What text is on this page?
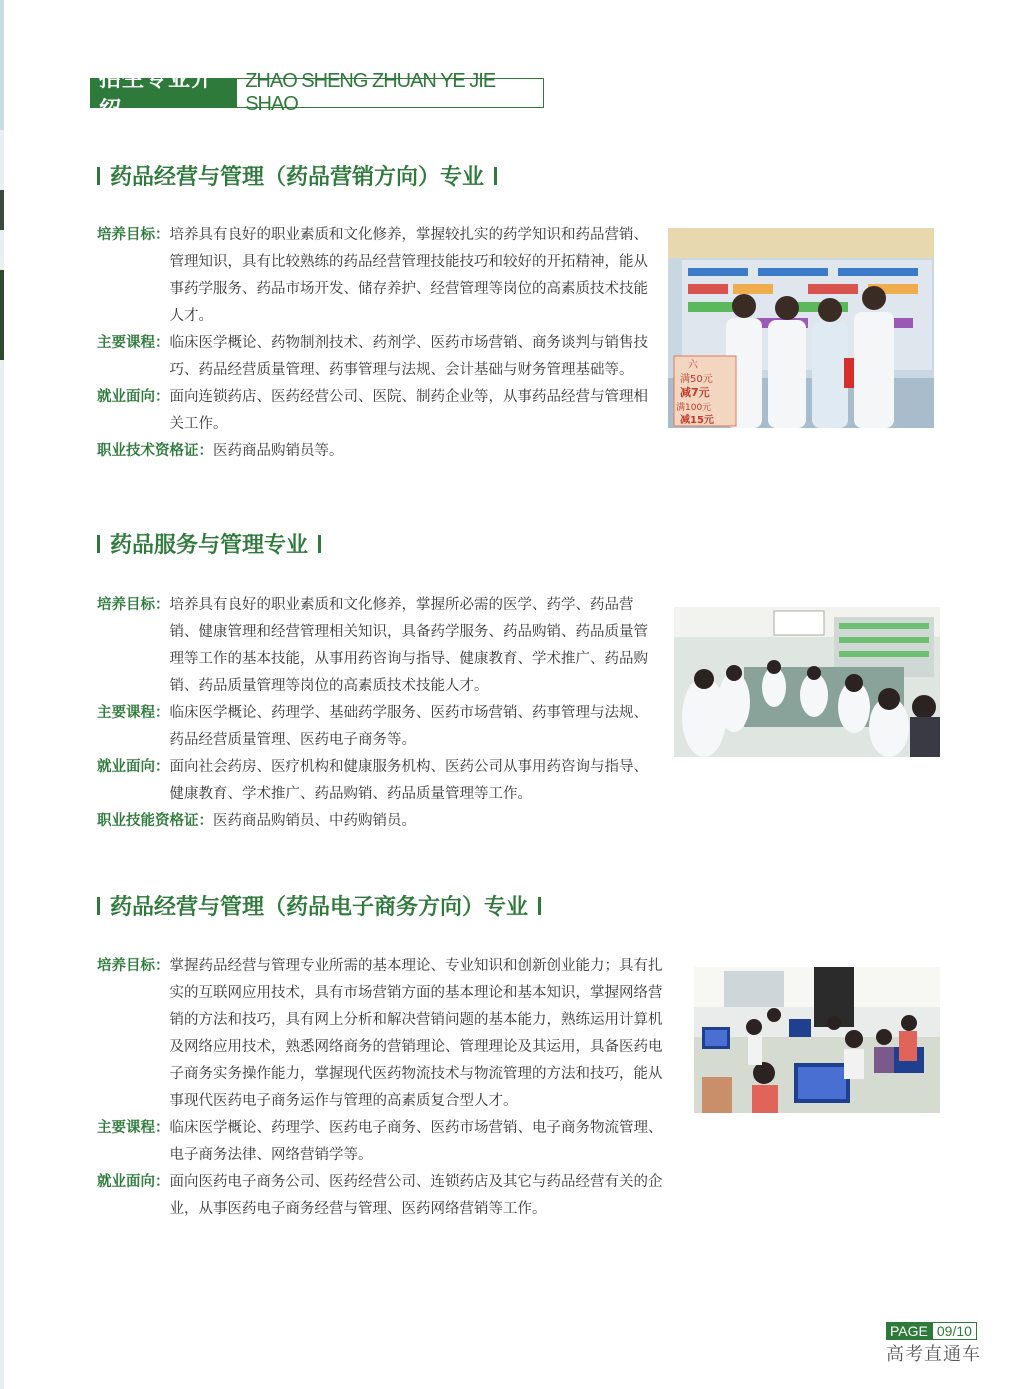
招生专业介绍
ZHAO SHENG ZHUAN YE JIE SHAO
药品经营与管理（药品营销方向）专业
培养目标： 培养具有良好的职业素质和文化修养，掌握较扎实的药学知识和药品营销、管理知识，具有比较熟练的药品经营管理技能技巧和较好的开拓精神，能从事药学服务、药品市场开发、储存养护、经营管理等岗位的高素质技术技能人才。
主要课程： 临床医学概论、药物制剂技术、药剂学、医药市场营销、商务谈判与销售技巧、药品经营质量管理、药事管理与法规、会计基础与财务管理基础等。
就业面向： 面向连锁药店、医药经营公司、医院、制药企业等，从事药品经营与管理相关工作。
职业技术资格证： 医药商品购销员等。
六
满50元
减7元
满100元
减15元
药品服务与管理专业
培养目标： 培养具有良好的职业素质和文化修养，掌握所必需的医学、药学、药品营销、健康管理和经营管理相关知识，具备药学服务、药品购销、药品质量管理等工作的基本技能，从事用药咨询与指导、健康教育、学术推广、药品购销、药品质量管理等岗位的高素质技术技能人才。
主要课程： 临床医学概论、药理学、基础药学服务、医药市场营销、药事管理与法规、药品经营质量管理、医药电子商务等。
就业面向： 面向社会药房、医疗机构和健康服务机构、医药公司从事用药咨询与指导、健康教育、学术推广、药品购销、药品质量管理等工作。
职业技能资格证： 医药商品购销员、中药购销员。
药品经营与管理（药品电子商务方向）专业
培养目标： 掌握药品经营与管理专业所需的基本理论、专业知识和创新创业能力；具有扎实的互联网应用技术，具有市场营销方面的基本理论和基本知识，掌握网络营销的方法和技巧，具有网上分析和解决营销问题的基本能力，熟练运用计算机及网络应用技术，熟悉网络商务的营销理论、管理理论及其运用，具备医药电子商务实务操作能力，掌握现代医药物流技术与物流管理的方法和技巧，能从事现代医药电子商务运作与管理的高素质复合型人才。
主要课程： 临床医学概论、药理学、医药电子商务、医药市场营销、电子商务物流管理、电子商务法律、网络营销学等。
就业面向： 面向医药电子商务公司、医药经营公司、连锁药店及其它与药品经营有关的企业，从事医药电子商务经营与管理、医药网络营销等工作。
PAGE 09/10
高考直通车
